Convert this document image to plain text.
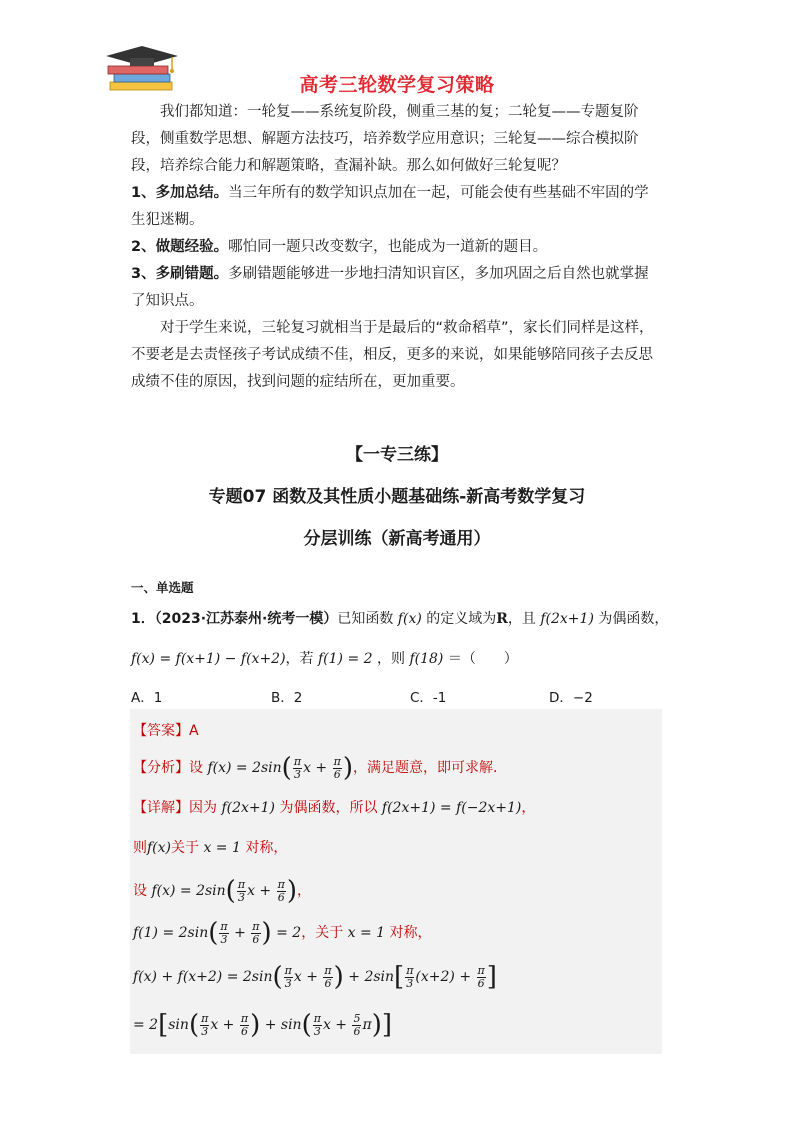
高考三轮数学复习策略

我们都知道：一轮复——系统复阶段，侧重三基的复；二轮复——专题复阶段，侧重数学思想、解题方法技巧，培养数学应用意识；三轮复——综合模拟阶段，培养综合能力和解题策略，查漏补缺。那么如何做好三轮复呢？

1、多加总结。当三年所有的数学知识点加在一起，可能会使有些基础不牢固的学生犯迷糊。

2、做题经验。哪怕同一题只改变数字，也能成为一道新的题目。

3、多刷错题。多刷错题能够进一步地扫清知识盲区，多加巩固之后自然也就掌握了知识点。

对于学生来说，三轮复习就相当于是最后的“救命稻草”，家长们同样是这样，不要老是去责怪孩子考试成绩不佳，相反，更多的来说，如果能够陪同孩子去反思成绩不佳的原因，找到问题的症结所在，更加重要。

【一专三练】
专题07 函数及其性质小题基础练-新高考数学复习
分层训练（新高考通用）
一、单选题
1．（2023·江苏泰州·统考一模）已知函数 f(x) 的定义域为R，且 f(2x+1) 为偶函数，
f(x) = f(x+1) − f(x+2)，若 f(1) = 2 ，则 f(18) ＝（　　）
A．1	B．2	C．-1	D．−2
【答案】A
【分析】设 $f(x) = 2\sin( \frac{\pi}{3}$ $x + \frac{\pi}{6}$ )，满足题意，即可求解.
【详解】因为 f(2x+1) 为偶函数，所以 f(2x+1) = f(−2x+1)，
则f(x)关于 x = 1 对称，
设 $f(x) = 2\sin( \frac{\pi}{3}$ $x + \frac{\pi}{6}$ )，
$f(1) = 2\sin( \frac{\pi}{3} + \frac{\pi}{6}$ ) = 2，关于 x = 1 对称，
$f(x) + f(x+2) = 2\sin( \frac{\pi}{3}$ $x + \frac{\pi}{6}$ ) + $2\sin[ \frac{\pi}{3} (x+2) + \frac{\pi}{6}$ ]
= $2[\sin( \frac{\pi}{3}$ $x + \frac{\pi}{6}$ ) + $\sin( \frac{\pi}{3}$ $x + \frac{5}{6} \pi$)]
